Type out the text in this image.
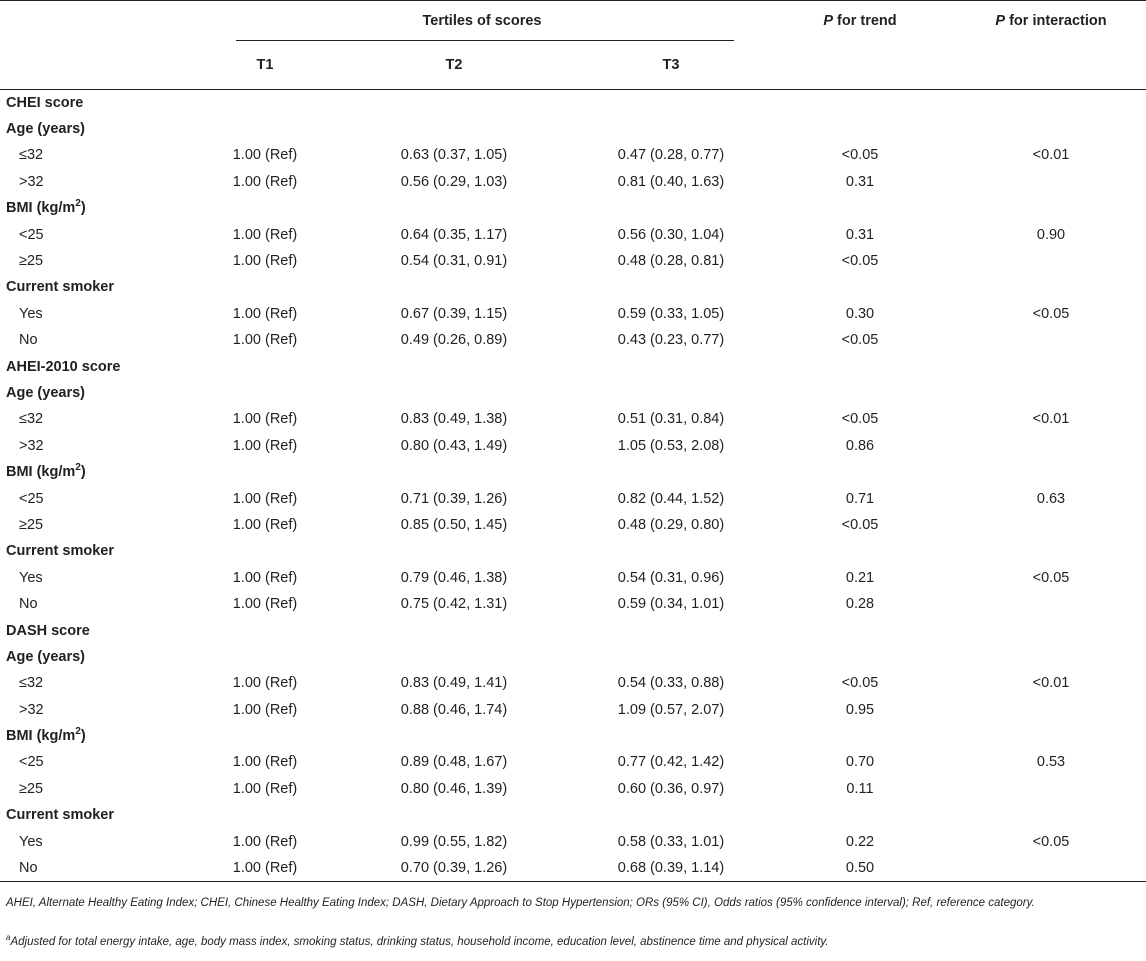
	Tertiles of scores			P for trend	P for interaction
	T1	T2	T3		
CHEI score					
Age (years)					
≤32	1.00 (Ref)	0.63 (0.37, 1.05)	0.47 (0.28, 0.77)	<0.05	<0.01
>32	1.00 (Ref)	0.56 (0.29, 1.03)	0.81 (0.40, 1.63)	0.31	
BMI $(kg/m^2)$					
<25	1.00 (Ref)	0.64 (0.35, 1.17)	0.56 (0.30, 1.04)	0.31	0.90
≥25	1.00 (Ref)	0.54 (0.31, 0.91)	0.48 (0.28, 0.81)	<0.05	
Current smoker					
Yes	1.00 (Ref)	0.67 (0.39, 1.15)	0.59 (0.33, 1.05)	0.30	<0.05
No	1.00 (Ref)	0.49 (0.26, 0.89)	0.43 (0.23, 0.77)	<0.05	
AHEI-2010 score					
Age (years)					
≤32	1.00 (Ref)	0.83 (0.49, 1.38)	0.51 (0.31, 0.84)	<0.05	<0.01
>32	1.00 (Ref)	0.80 (0.43, 1.49)	1.05 (0.53, 2.08)	0.86	
BMI $(kg/m^2)$					
<25	1.00 (Ref)	0.71 (0.39, 1.26)	0.82 (0.44, 1.52)	0.71	0.63
≥25	1.00 (Ref)	0.85 (0.50, 1.45)	0.48 (0.29, 0.80)	<0.05	
Current smoker					
Yes	1.00 (Ref)	0.79 (0.46, 1.38)	0.54 (0.31, 0.96)	0.21	<0.05
No	1.00 (Ref)	0.75 (0.42, 1.31)	0.59 (0.34, 1.01)	0.28	
DASH score					
Age (years)					
≤32	1.00 (Ref)	0.83 (0.49, 1.41)	0.54 (0.33, 0.88)	<0.05	<0.01
>32	1.00 (Ref)	0.88 (0.46, 1.74)	1.09 (0.57, 2.07)	0.95	
BMI $(kg/m^2)$					
<25	1.00 (Ref)	0.89 (0.48, 1.67)	0.77 (0.42, 1.42)	0.70	0.53
≥25	1.00 (Ref)	0.80 (0.46, 1.39)	0.60 (0.36, 0.97)	0.11	
Current smoker					
Yes	1.00 (Ref)	0.99 (0.55, 1.82)	0.58 (0.33, 1.01)	0.22	<0.05
No	1.00 (Ref)	0.70 (0.39, 1.26)	0.68 (0.39, 1.14)	0.50	
AHEI, Alternate Healthy Eating Index; CHEI, Chinese Healthy Eating Index; DASH, Dietary Approach to Stop Hypertension; ORs (95% CI), Odds ratios (95% confidence interval); Ref, reference category.
$^a$Adjusted for total energy intake, age, body mass index, smoking status, drinking status, household income, education level, abstinence time and physical activity.
